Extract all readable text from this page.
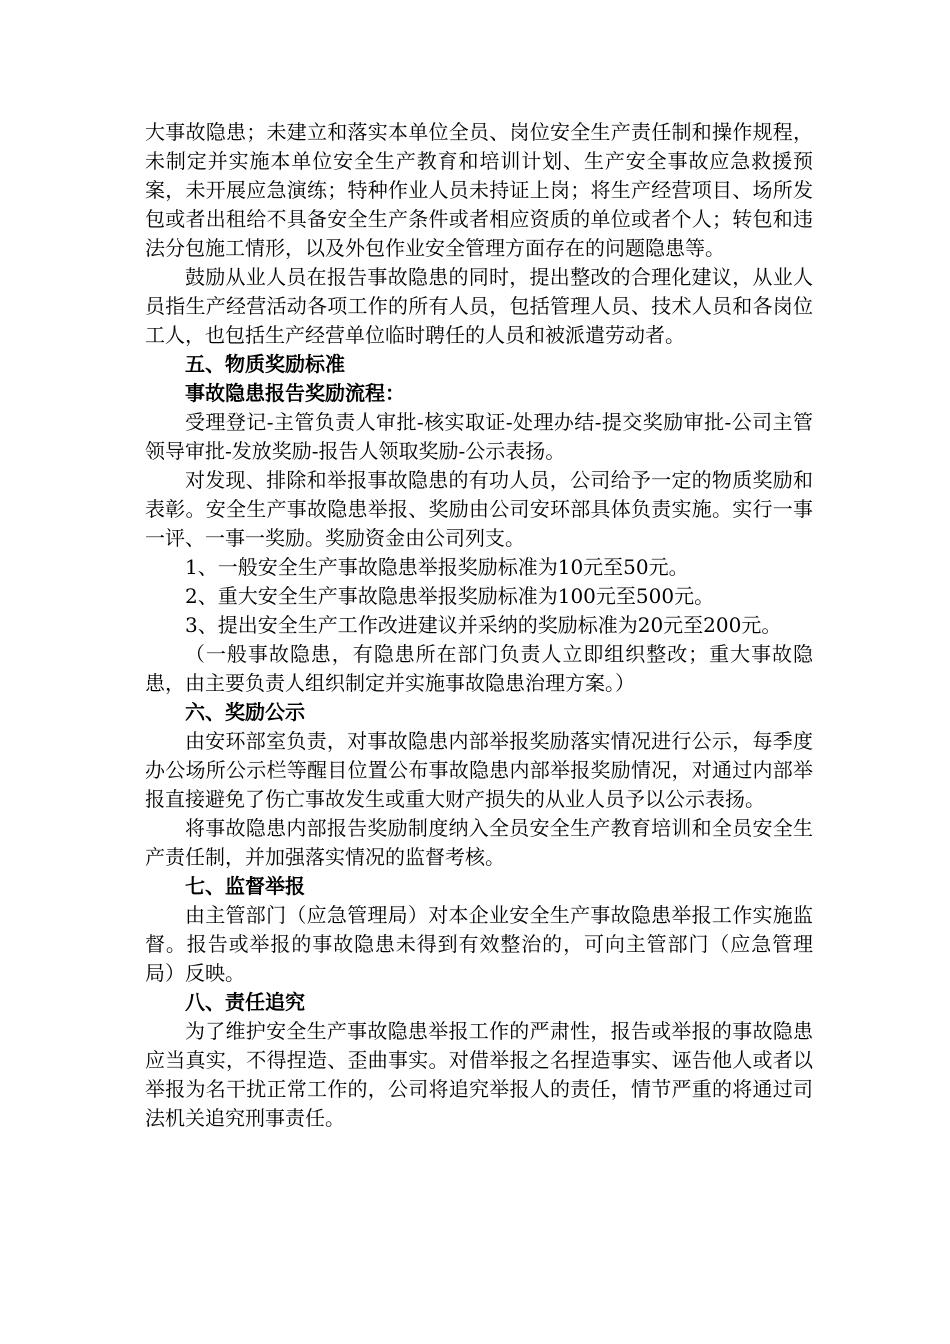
大事故隐患；未建立和落实本单位全员、岗位安全生产责任制和操作规程，未制定并实施本单位安全生产教育和培训计划、生产安全事故应急救援预案，未开展应急演练；特种作业人员未持证上岗；将生产经营项目、场所发包或者出租给不具备安全生产条件或者相应资质的单位或者个人；转包和违法分包施工情形，以及外包作业安全管理方面存在的问题隐患等。

鼓励从业人员在报告事故隐患的同时，提出整改的合理化建议，从业人员指生产经营活动各项工作的所有人员，包括管理人员、技术人员和各岗位工人，也包括生产经营单位临时聘任的人员和被派遣劳动者。

五、物质奖励标准

事故隐患报告奖励流程：

受理登记-主管负责人审批-核实取证-处理办结-提交奖励审批-公司主管领导审批-发放奖励-报告人领取奖励-公示表扬。

对发现、排除和举报事故隐患的有功人员，公司给予一定的物质奖励和表彰。安全生产事故隐患举报、奖励由公司安环部具体负责实施。实行一事一评、一事一奖励。奖励资金由公司列支。

1、一般安全生产事故隐患举报奖励标准为10元至50元。

2、重大安全生产事故隐患举报奖励标准为100元至500元。

3、提出安全生产工作改进建议并采纳的奖励标准为20元至200元。

（一般事故隐患，有隐患所在部门负责人立即组织整改；重大事故隐患，由主要负责人组织制定并实施事故隐患治理方案。）

六、奖励公示

由安环部室负责，对事故隐患内部举报奖励落实情况进行公示，每季度办公场所公示栏等醒目位置公布事故隐患内部举报奖励情况，对通过内部举报直接避免了伤亡事故发生或重大财产损失的从业人员予以公示表扬。

将事故隐患内部报告奖励制度纳入全员安全生产教育培训和全员安全生产责任制，并加强落实情况的监督考核。

七、监督举报

由主管部门（应急管理局）对本企业安全生产事故隐患举报工作实施监督。报告或举报的事故隐患未得到有效整治的，可向主管部门（应急管理局）反映。

八、责任追究

为了维护安全生产事故隐患举报工作的严肃性，报告或举报的事故隐患应当真实，不得捏造、歪曲事实。对借举报之名捏造事实、诬告他人或者以举报为名干扰正常工作的，公司将追究举报人的责任，情节严重的将通过司法机关追究刑事责任。
